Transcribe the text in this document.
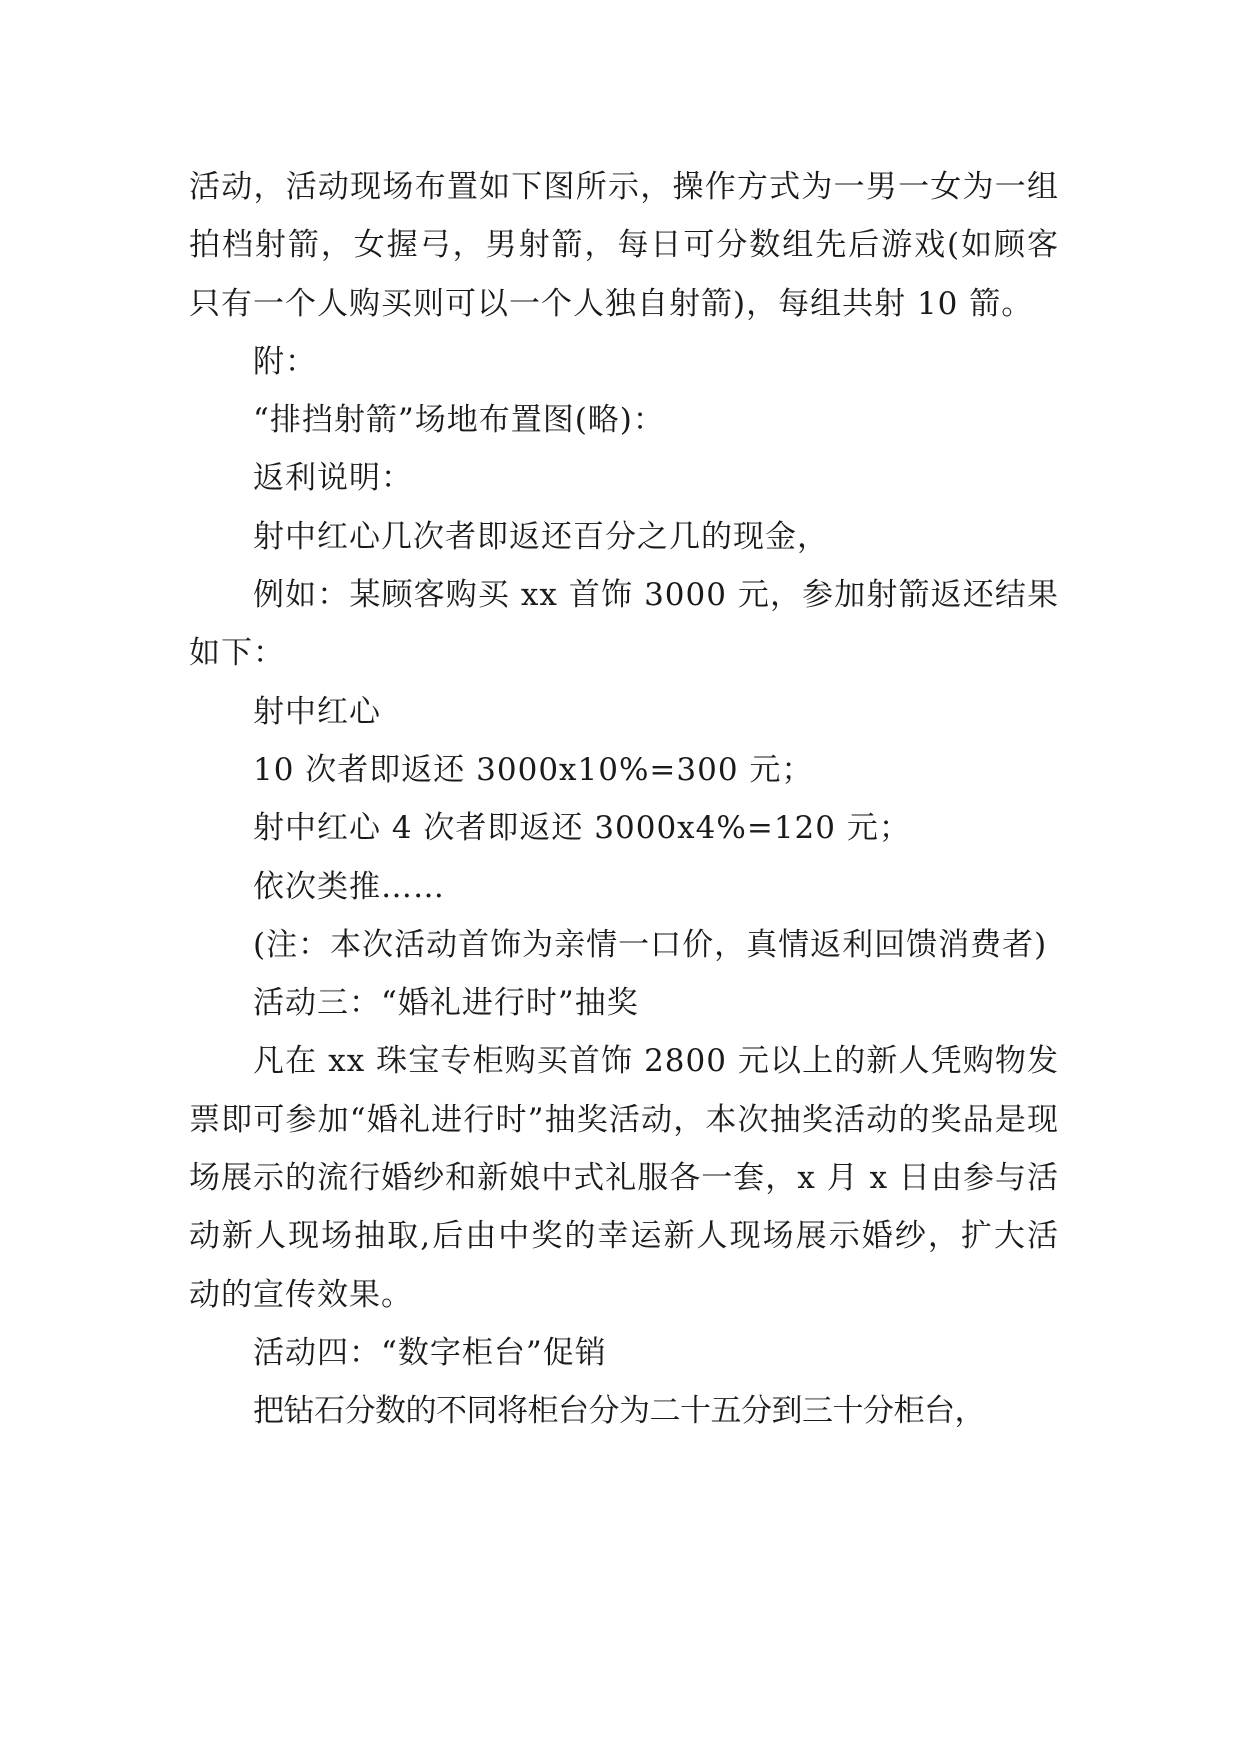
活动，活动现场布置如下图所示，操作方式为一男一女为一组拍档射箭，女握弓，男射箭，每日可分数组先后游戏(如顾客只有一个人购买则可以一个人独自射箭)，每组共射 10 箭。

附：

“排挡射箭”场地布置图(略)：

返利说明：

射中红心几次者即返还百分之几的现金，

例如：某顾客购买 xx 首饰 3000 元，参加射箭返还结果如下：

射中红心

10 次者即返还 3000x10%=300 元；

射中红心 4 次者即返还 3000x4%=120 元；

依次类推……

(注：本次活动首饰为亲情一口价，真情返利回馈消费者)

活动三：“婚礼进行时”抽奖

凡在 xx 珠宝专柜购买首饰 2800 元以上的新人凭购物发票即可参加“婚礼进行时”抽奖活动，本次抽奖活动的奖品是现场展示的流行婚纱和新娘中式礼服各一套，x 月 x 日由参与活动新人现场抽取,后由中奖的幸运新人现场展示婚纱，扩大活动的宣传效果。

活动四：“数字柜台”促销

把钻石分数的不同将柜台分为二十五分到三十分柜台，
